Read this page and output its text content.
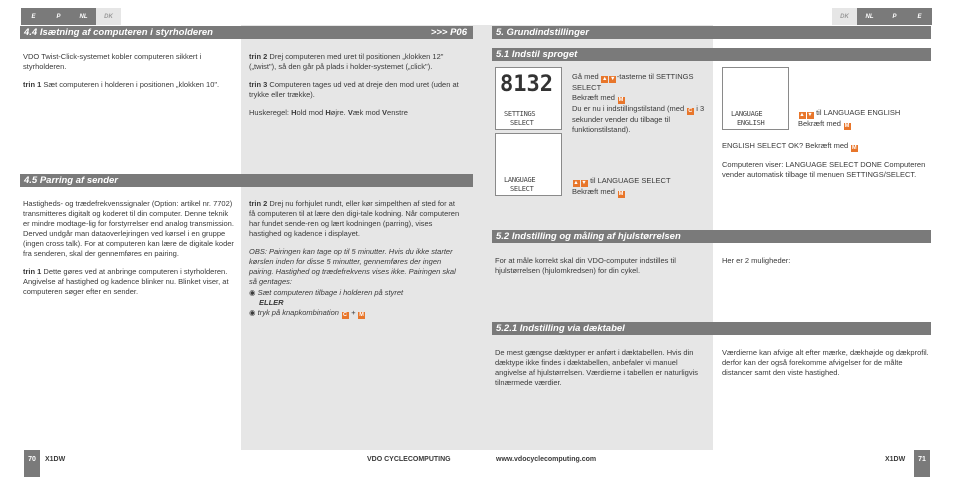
E	P	NL	DK
4.4 Isætning af computeren i styrholderen	>>> P06

VDO Twist-Click-systemet kobler computeren sikkert i styrholderen.

trin 1 Sæt computeren i holderen i positionen „klokken 10".

trin 2 Drej computeren med uret til positionen „klokken 12" („twist"), så den går på plads i holder-systemet („click").

trin 3 Computeren tages ud ved at dreje den mod uret (uden at trykke eller trække).

Huskeregel: Hold mod Højre. Væk mod Venstre

4.5 Parring af sender

Hastigheds- og trædefrekvenssignaler (Option: artikel nr. 7702) transmitteres digitalt og koderet til din computer. Denne teknik er mindre modtage-lig for forstyrrelser end analog transmission. Derved undgår man dataoverlejringen ved kørsel i en gruppe (ingen cross talk). For at computeren kan lære de digitale koder fra senderen, skal der gennemføres en pairing.

trin 1 Dette gøres ved at anbringe computeren i styrholderen. Angivelse af hastighed og kadence blinker nu. Blinket viser, at computeren søger efter en sender.

trin 2 Drej nu forhjulet rundt, eller kør simpelthen af sted for at få computeren til at lære den digi-tale kodning. Når computeren har fundet sende-ren og lært kodningen (parring), vises hastighed og kadence i displayet.

OBS: Pairingen kan tage op til 5 minutter. Hvis du ikke starter kørslen inden for disse 5 minutter, gennemføres der ingen pairing. Hastighed og trædefrekvens vises ikke. Pairingen skal så gentages:

◉ Sæt computeren tilbage i holderen på styret
ELLER
◉ tryk på knapkombination C + M
70	X1DW	VDO CYCLECOMPUTING
DK	NL	P	E
5. Grundindstillinger
5.1 Indstil sproget
8132
SETTINGS
SELECT
LANGUAGE
SELECT
Gå med ▲ ▼-tasterne til SETTINGS SELECT
Bekræft med M
Du er nu i indstillingstilstand (med C i 3 sekunder vender du tilbage til funktionstilstand).
▲ ▼ til LANGUAGE SELECT
Bekræft med M
LANGUAGE
ENGLISH
▲ ▼ til LANGUAGE ENGLISH
Bekræft med M

ENGLISH SELECT OK? Bekræft med M

Computeren viser: LANGUAGE SELECT DONE Computeren vender automatisk tilbage til menuen SETTINGS/SELECT.

5.2 Indstilling og måling af hjulstørrelsen

For at måle korrekt skal din VDO-computer indstilles til hjulstørrelsen (hjulomkredsen) for din cykel.

Her er 2 muligheder:

5.2.1 Indstilling via dæktabel

De mest gængse dæktyper er anført i dæktabellen. Hvis din dæktype ikke findes i dæktabellen, anbefaler vi manuel angivelse af hjulstørrelsen. Værdierne i tabellen er naturligvis tilnærmede værdier.

Værdierne kan afvige alt efter mærke, dækhøjde og dækprofil. derfor kan der også forekomme afvigelser for de målte distancer samt den viste hastighed.

www.vdocyclecomputing.com	X1DW	71
